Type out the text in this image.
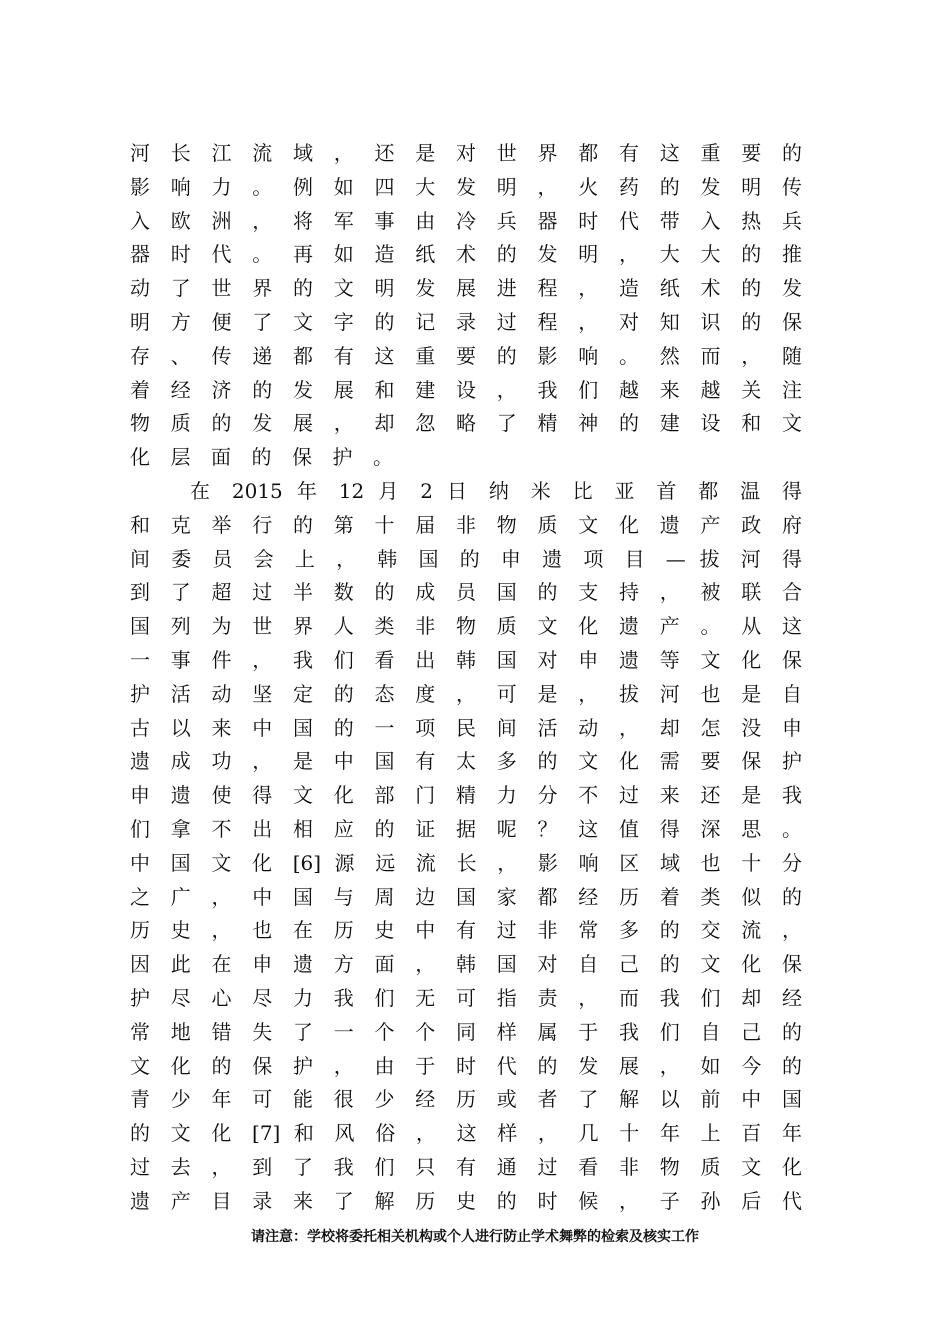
河 长 江 流 域 ， 还 是 对 世 界 都 有 这 重 要 的
影 响 力 。 例 如 四 大 发 明 ， 火 药 的 发 明 传
入 欧 洲 ， 将 军 事 由 冷 兵 器 时 代 带 入 热 兵
器 时 代 。 再 如 造 纸 术 的 发 明 ， 大 大 的 推
动 了 世 界 的 文 明 发 展 进 程 ， 造 纸 术 的 发
明 方 便 了 文 字 的 记 录 过 程 ， 对 知 识 的 保
存 、 传 递 都 有 这 重 要 的 影 响 。 然 而 ， 随
着 经 济 的 发 展 和 建 设 ， 我 们 越 来 越 关 注
物 质 的 发 展 ， 却 忽 略 了 精 神 的 建 设 和 文
化层面的保护。
在 2015 年 12 月 2 日 纳 米 比 亚 首 都 温 得
和 克 举 行 的 第 十 届 非 物 质 文 化 遗 产 政 府
间 委 员 会 上 ， 韩 国 的 申 遗 项 目 — 拔 河 得
到 了 超 过 半 数 的 成 员 国 的 支 持 ， 被 联 合
国 列 为 世 界 人 类 非 物 质 文 化 遗 产 。 从 这
一 事 件 ， 我 们 看 出 韩 国 对 申 遗 等 文 化 保
护 活 动 坚 定 的 态 度 ， 可 是 ， 拔 河 也 是 自
古 以 来 中 国 的 一 项 民 间 活 动 ， 却 怎 没 申
遗 成 功 ， 是 中 国 有 太 多 的 文 化 需 要 保 护
申 遗 使 得 文 化 部 门 精 力 分 不 过 来 还 是 我
们 拿 不 出 相 应 的 证 据 呢 ？ 这 值 得 深 思 。
中 国 文 化 [6] 源 远 流 长 ， 影 响 区 域 也 十 分
之 广 ， 中 国 与 周 边 国 家 都 经 历 着 类 似 的
历 史 ， 也 在 历 史 中 有 过 非 常 多 的 交 流 ，
因 此 在 申 遗 方 面 ， 韩 国 对 自 己 的 文 化 保
护 尽 心 尽 力 我 们 无 可 指 责 ， 而 我 们 却 经
常 地 错 失 了 一 个 个 同 样 属 于 我 们 自 己 的
文 化 的 保 护 ， 由 于 时 代 的 发 展 ， 如 今 的
青 少 年 可 能 很 少 经 历 或 者 了 解 以 前 中 国
的 文 化 [7] 和 风 俗 ， 这 样 ， 几 十 年 上 百 年
过 去 ， 到 了 我 们 只 有 通 过 看 非 物 质 文 化
遗 产 目 录 来 了 解 历 史 的 时 候 ， 子 孙 后 代
请注意：学校将委托相关机构或个人进行防止学术舞弊的检索及核实工作
